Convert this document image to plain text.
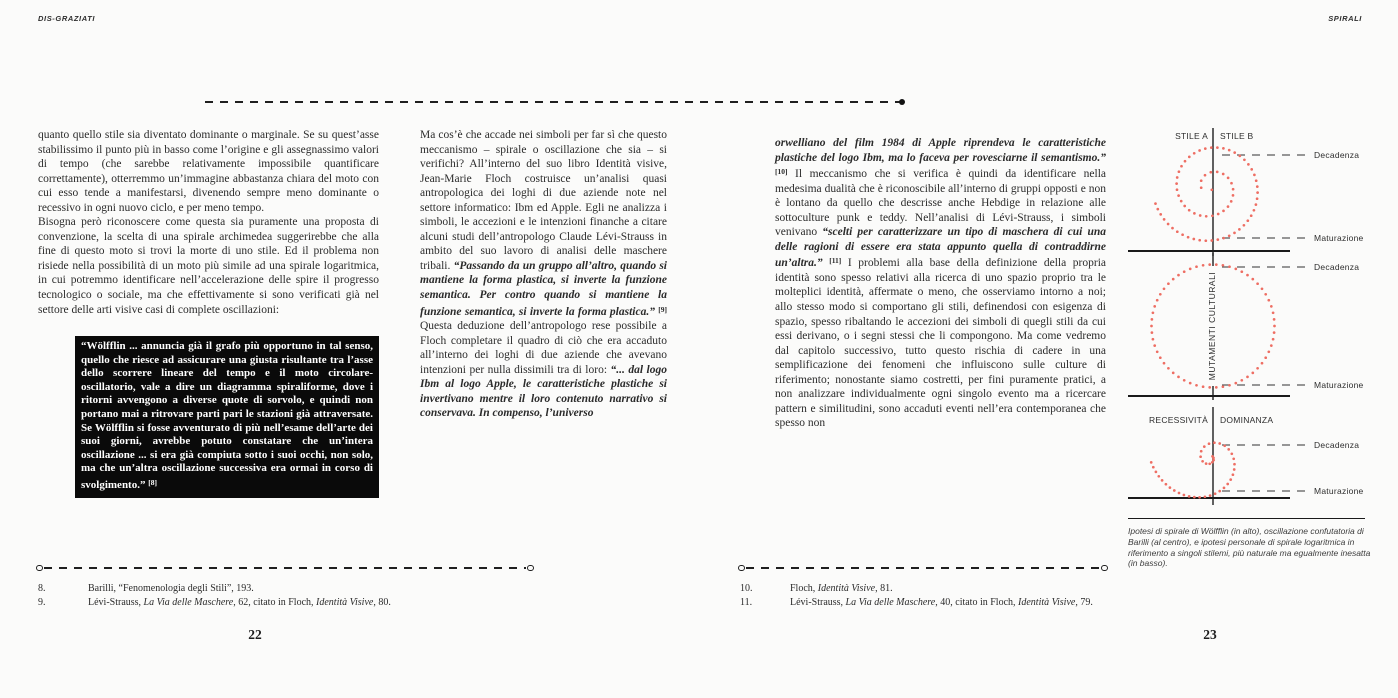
DIS-GRAZIATI	SPIRALI

quanto quello stile sia diventato dominante o marginale. Se su quest’asse stabilissimo il punto più in basso come l’origine e gli assegnassimo valori di tempo (che sarebbe relativamente impossibile quantificare correttamente), otterremmo un’immagine abbastanza chiara del moto con cui esso tende a manifestarsi, divenendo sempre meno dominante o recessivo in ogni nuovo ciclo, e per meno tempo.

Bisogna però riconoscere come questa sia puramente una proposta di convenzione, la scelta di una spirale archimedea suggerirebbe che alla fine di questo moto si trovi la morte di uno stile. Ed il problema non risiede nella possibilità di un moto più simile ad una spirale logaritmica, in cui potremmo identificare nell’accelerazione delle spire il progresso tecnologico o sociale, ma che effettivamente si sono verificati già nel settore delle arti visive casi di complete oscillazioni:

“Wölfflin ... annuncia già il grafo più opportuno in tal senso, quello che riesce ad assicurare una giusta risultante tra l’asse dello scorrere lineare del tempo e il moto circolare-oscillatorio, vale a dire un diagramma spiraliforme, dove i ritorni avvengono a diverse quote di sorvolo, e quindi non portano mai a ritrovare parti pari le stazioni già attraversate. Se Wölfflin si fosse avventurato di più nell’esame dell’arte dei suoi giorni, avrebbe potuto constatare che un’intera oscillazione ... si era già compiuta sotto i suoi occhi, non solo, ma che un’altra oscillazione successiva era ormai in corso di svolgimento.” [8]

Ma cos’è che accade nei simboli per far sì che questo meccanismo – spirale o oscillazione che sia – si verifichi? All’interno del suo libro Identità visive, Jean-Marie Floch costruisce un’analisi quasi antropologica dei loghi di due aziende note nel settore informatico: Ibm ed Apple. Egli ne analizza i simboli, le accezioni e le intenzioni finanche a citare alcuni studi dell’antropologo Claude Lévi-Strauss in ambito del suo lavoro di analisi delle maschere tribali. “Passando da un gruppo all’altro, quando si mantiene la forma plastica, si inverte la funzione semantica. Per contro quando si mantiene la funzione semantica, si inverte la forma plastica.” [9] Questa deduzione dell’antropologo rese possibile a Floch completare il quadro di ciò che era accaduto all’interno dei loghi di due aziende che avevano intenzioni per nulla dissimili tra di loro: “... dal logo Ibm al logo Apple, le caratteristiche plastiche si invertivano mentre il loro contenuto narrativo si conservava. In compenso, l’universo

8.	Barilli, “Fenomenologia degli Stili”, 193.
9.	Lévi-Strauss, La Via delle Maschere, 62, citato in Floch, Identità Visive, 80.
22

orwelliano del film 1984 di Apple riprendeva le caratteristiche plastiche del logo Ibm, ma lo faceva per rovesciarne il semantismo.” [10] Il meccanismo che si verifica è quindi da identificare nella medesima dualità che è riconoscibile all’interno di gruppi opposti e non è lontano da quello che descrisse anche Hebdige in relazione alle sottoculture punk e teddy. Nell’analisi di Lévi-Strauss, i simboli venivano “scelti per caratterizzare un tipo di maschera di cui una delle ragioni di essere era stata appunto quella di contraddirne un’altra.” [11] I problemi alla base della definizione della propria identità sono spesso relativi alla ricerca di uno spazio proprio tra le molteplici identità, affermate o meno, che osserviamo intorno a noi; allo stesso modo si comportano gli stili, definendosi con esigenza di spazio, spesso ribaltando le accezioni dei simboli di quegli stili da cui essi derivano, o i segni stessi che li compongono. Ma come vedremo dal capitolo successivo, tutto questo rischia di cadere in una semplificazione dei fenomeni che influiscono sulle culture di riferimento; nonostante siamo costretti, per fini puramente pratici, a non analizzare individualmente ogni singolo evento ma a ricercare pattern e similitudini, sono accaduti eventi nell’era contemporanea che spesso non

10.	Floch, Identità Visive, 81.
11.	Lévi-Strauss, La Via delle Maschere, 40, citato in Floch, Identità Visive, 79.
23
STILE A STILE B
Decadenza
Maturazione
MUTAMENTI CULTURALI
Decadenza
Maturazione
RECESSIVITÀ DOMINANZA
Decadenza
Maturazione
Ipotesi di spirale di Wölfflin (in alto), oscillazione confutatoria di Barilli (al centro), e ipotesi personale di spirale logaritmica in riferimento a singoli stilemi, più naturale ma egualmente inesatta (in basso).
